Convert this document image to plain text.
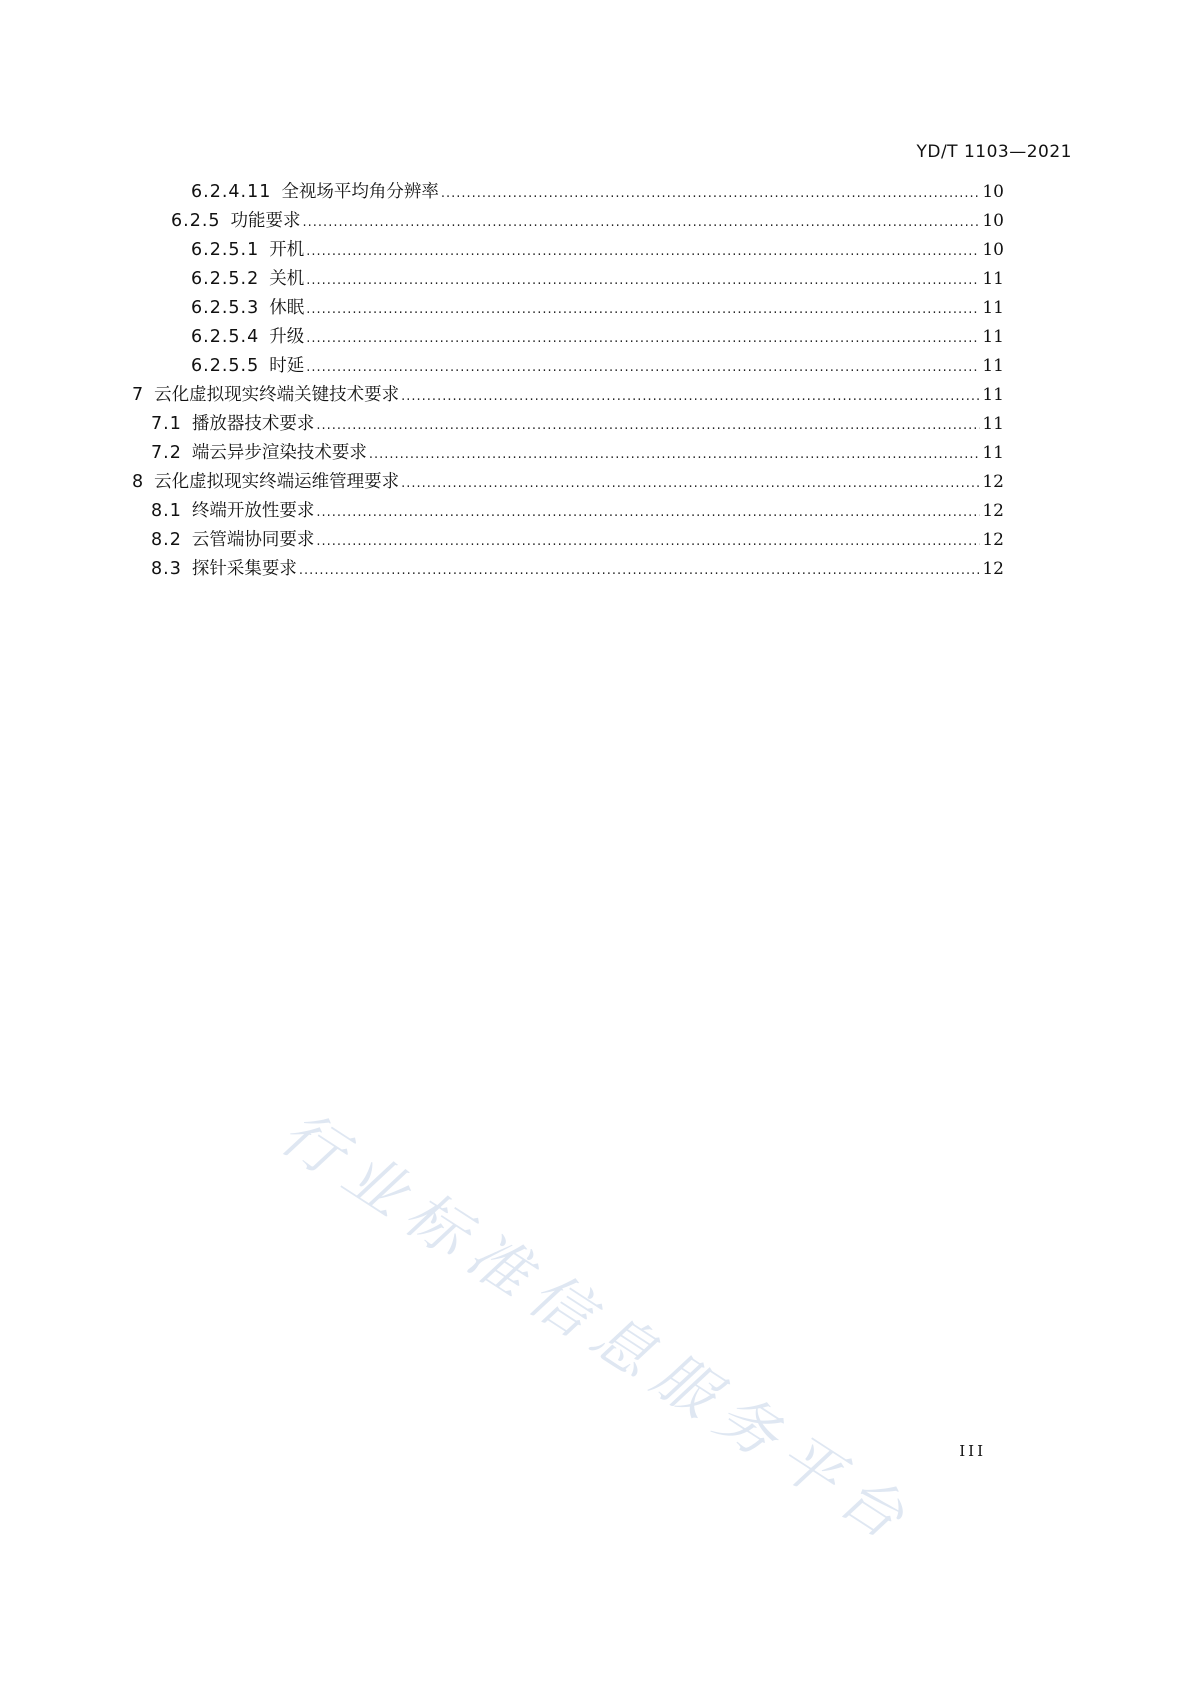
YD/T 1103—2021
6.2.4.11 全视场平均角分辨率 .....	10
6.2.5 功能要求 .....	10
6.2.5.1 开机 .....	10
6.2.5.2 关机 .....	11
6.2.5.3 休眠 .....	11
6.2.5.4 升级 .....	11
6.2.5.5 时延 .....	11
7 云化虚拟现实终端关键技术要求 .....	11
7.1 播放器技术要求 .....	11
7.2 端云异步渲染技术要求 .....	11
8 云化虚拟现实终端运维管理要求 .....	12
8.1 终端开放性要求 .....	12
8.2 云管端协同要求 .....	12
8.3 探针采集要求 .....	12
行业标准信息服务平台	III
